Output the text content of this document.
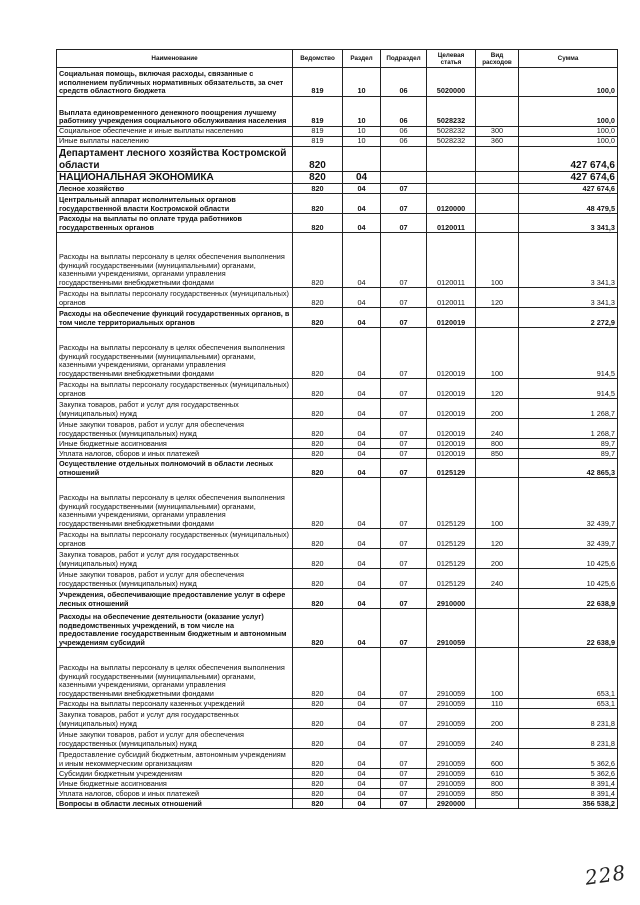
Наименование	Ведомство	Раздел	Подраздел	Целевая статья	Вид расходов	Сумма
Социальная помощь, включая расходы, связанные с исполнением публичных нормативных обязательств, за счет средств областного бюджета	819	10	06	5020000		100,0
Выплата единовременного денежного поощрения лучшему работнику учреждения социального обслуживания населения	819	10	06	5028232		100,0
Социальное обеспечение и иные выплаты населению	819	10	06	5028232	300	100,0
Иные выплаты населению	819	10	06	5028232	360	100,0
Департамент лесного хозяйства Костромской области	820					427 674,6
НАЦИОНАЛЬНАЯ ЭКОНОМИКА	820	04				427 674,6
Лесное хозяйство	820	04	07			427 674,6
Центральный аппарат исполнительных органов государственной власти Костромской области	820	04	07	0120000		48 479,5
Расходы на выплаты по оплате труда работников государственных органов	820	04	07	0120011		3 341,3
Расходы на выплаты персоналу в целях обеспечения выполнения функций государственными (муниципальными) органами, казенными учреждениями, органами управления государственными внебюджетными фондами	820	04	07	0120011	100	3 341,3
Расходы на выплаты персоналу государственных (муниципальных) органов	820	04	07	0120011	120	3 341,3
Расходы на обеспечение функций государственных органов, в том числе территориальных органов	820	04	07	0120019		2 272,9
Расходы на выплаты персоналу в целях обеспечения выполнения функций государственными (муниципальными) органами, казенными учреждениями, органами управления государственными внебюджетными фондами	820	04	07	0120019	100	914,5
Расходы на выплаты персоналу государственных (муниципальных) органов	820	04	07	0120019	120	914,5
Закупка товаров, работ и услуг для государственных (муниципальных) нужд	820	04	07	0120019	200	1 268,7
Иные закупки товаров, работ и услуг для обеспечения государственных (муниципальных) нужд	820	04	07	0120019	240	1 268,7
Иные бюджетные ассигнования	820	04	07	0120019	800	89,7
Уплата налогов, сборов и иных платежей	820	04	07	0120019	850	89,7
Осуществление отдельных полномочий в области лесных отношений	820	04	07	0125129		42 865,3
Расходы на выплаты персоналу в целях обеспечения выполнения функций государственными (муниципальными) органами, казенными учреждениями, органами управления государственными внебюджетными фондами	820	04	07	0125129	100	32 439,7
Расходы на выплаты персоналу государственных (муниципальных) органов	820	04	07	0125129	120	32 439,7
Закупка товаров, работ и услуг для государственных (муниципальных) нужд	820	04	07	0125129	200	10 425,6
Иные закупки товаров, работ и услуг для обеспечения государственных (муниципальных) нужд	820	04	07	0125129	240	10 425,6
Учреждения, обеспечивающие предоставление услуг в сфере лесных отношений	820	04	07	2910000		22 638,9
Расходы на обеспечение деятельности (оказание услуг) подведомственных учреждений, в том числе на предоставление государственным бюджетным и автономным учреждениям субсидий	820	04	07	2910059		22 638,9
Расходы на выплаты персоналу в целях обеспечения выполнения функций государственными (муниципальными) органами, казенными учреждениями, органами управления государственными внебюджетными фондами	820	04	07	2910059	100	653,1
Расходы на выплаты персоналу казенных учреждений	820	04	07	2910059	110	653,1
Закупка товаров, работ и услуг для государственных (муниципальных) нужд	820	04	07	2910059	200	8 231,8
Иные закупки товаров, работ и услуг для обеспечения государственных (муниципальных) нужд	820	04	07	2910059	240	8 231,8
Предоставление субсидий бюджетным, автономным учреждениям и иным некоммерческим организациям	820	04	07	2910059	600	5 362,6
Субсидии бюджетным учреждениям	820	04	07	2910059	610	5 362,6
Иные бюджетные ассигнования	820	04	07	2910059	800	8 391,4
Уплата налогов, сборов и иных платежей	820	04	07	2910059	850	8 391,4
Вопросы в области лесных отношений	820	04	07	2920000		356 538,2
228
